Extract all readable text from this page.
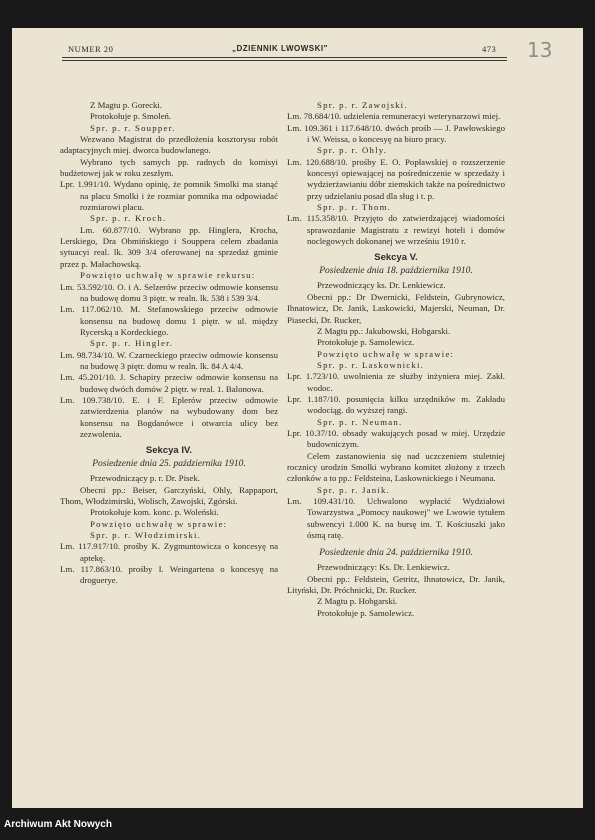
NUMER 20	„DZIENNIK LWOWSKI"	473 13

Z Magtu p. Gorecki.

Protokołuje p. Smoleń.

Spr. p. r. Soupper.

Wezwano Magistrat do przedłożenia kosztorysu robót adaptacyjnych miej. dworca budowlanego.

Wybrano tych samych pp. radnych do komisyi budżetowej jak w roku zeszłym.

Lpr. 1.991/10. Wydano opinię, że pomnik Smolki ma stanąć na placu Smolki i że rozmiar pomnika ma odpowiadać rozmiarowi placu.

Spr. p. r. Kroch.

Lm. 60.877/10. Wybrano pp. Hinglera, Krocha, Lerskiego, Dra Obmińskiego i Souppera celem zbadania sytuacyi real. lk. 309 3/4 oferowanej na sprzedaż gminie przez p. Małachowską.

Powzięto uchwałę w sprawie rekursu:

Lm. 53.592/10. O. i A. Selzerów przeciw odmowie konsensu na budowę domu 3 piętr. w realn. lk. 538 i 539 3/4.

Lm. 117.062/10. M. Stefanowskiego przeciw odmowie konsensu na budowę domu 1 piętr. w ul. między Rycerską a Kordeckiego.

Spr. p. r. Hingler.

Lm. 98.734/10. W. Czarneckiego przeciw odmowie konsensu na budowę 3 piętr. domu w realn. lk. 84 A 4/4.

Lm. 45.201/10. J. Schapiry przeciw odmowie konsensu na budowę dwóch domów 2 piętr. w real. 1. Balonowa.

Lm. 109.738/10. E. i F. Eplerów przeciw odmowie zatwierdzenia planów na wybudowany dom bez konsensu na Bogdanówce i otwarcia ulicy bez zezwolenia.

Sekcya IV.

Posiedzenie dnia 25. października 1910.

Przewodniczący p. r. Dr. Pisek.

Obecni pp.: Beiser, Garczyński, Ohly, Rappaport, Thom, Włodzimirski, Wolisch, Zawojski, Zgórski.

Protokołuje kom. konc. p. Woleński.

Powzięto uchwałę w sprawie:

Spr. p. r. Włodzimirski.

Lm. 117.917/10. prośby K. Zygmuntowicza o koncesyę na aptekę.

Lm. 117.863/10. prośby I. Weingartena o koncesyę na droguerye.

Spr. p. r. Zawojski.

Lm. 78.684/10. udzielenia remuneracyi weterynarzowi miej.

Lm. 109.361 i 117.648/10. dwóch prośb — J. Pawłowskiego i W. Weissa, o koncesyę na biuro pracy.

Spr. p. r. Ohly.

Lm. 120.688/10. prośby E. O. Popławskiej o rozszerzenie koncesyi opiewającej na pośredniczenie w sprzedaży i wydzierżawianiu dóbr ziemskich także na pośrednictwo przy udzielaniu posad dla sług i t. p.

Spr. p. r. Thom.

Lm. 115.358/10. Przyjęto do zatwierdzającej wiadomości sprawozdanie Magistratu z rewizyi hoteli i domów noclegowych dokonanej we wrześniu 1910 r.

Sekcya V.

Posiedzenie dnia 18. października 1910.

Przewodniczący ks. Dr. Lenkiewicz.

Obecni pp.: Dr Dwernicki, Feldstein, Gubrynowicz, Ihnatowicz, Dr. Janik, Laskowicki, Majerski, Neuman, Dr. Piasecki, Dr. Rucker,

Z Magtu pp.: Jakubowski, Hobgarski.

Protokołuje p. Samolewicz.

Powzięto uchwałę w sprawie:

Spr. p. r. Laskownicki.

Lpr. 1.723/10. uwolnienia ze służby inżyniera miej. Zakł. wodoc.

Lpr. 1.187/10. posunięcia kilku urzędników m. Zakładu wodociąg. do wyższej rangi.

Spr. p. r. Neuman.

Lpr. 10.37/10. obsady wakujących posad w miej. Urzędzie budowniczym.

Celem zastanowienia się nad uczczeniem stuletniej rocznicy urodzin Smolki wybrano komitet złożony z trzech członków a to pp.: Feldsteina, Laskownickiego i Neumana.

Spr. p. r. Janik.

Lm. 109.431/10. Uchwalono wypłacić Wydziałowi Towarzystwa „Pomocy naukowej" we Lwowie tytułem subwencyi 1.000 K. na bursę im. T. Kościuszki jako ósmą ratę.

Posiedzenie dnia 24. października 1910.

Przewodniczący: Ks. Dr. Lenkiewicz.

Obecni pp.: Feldstein, Getritz, Ihnatowicz, Dr. Janik, Lityński, Dr. Próchnicki, Dr. Rucker.

Z Magtu p. Hobgarski.

Protokołuje p. Samolewicz.

Archiwum Akt Nowych
